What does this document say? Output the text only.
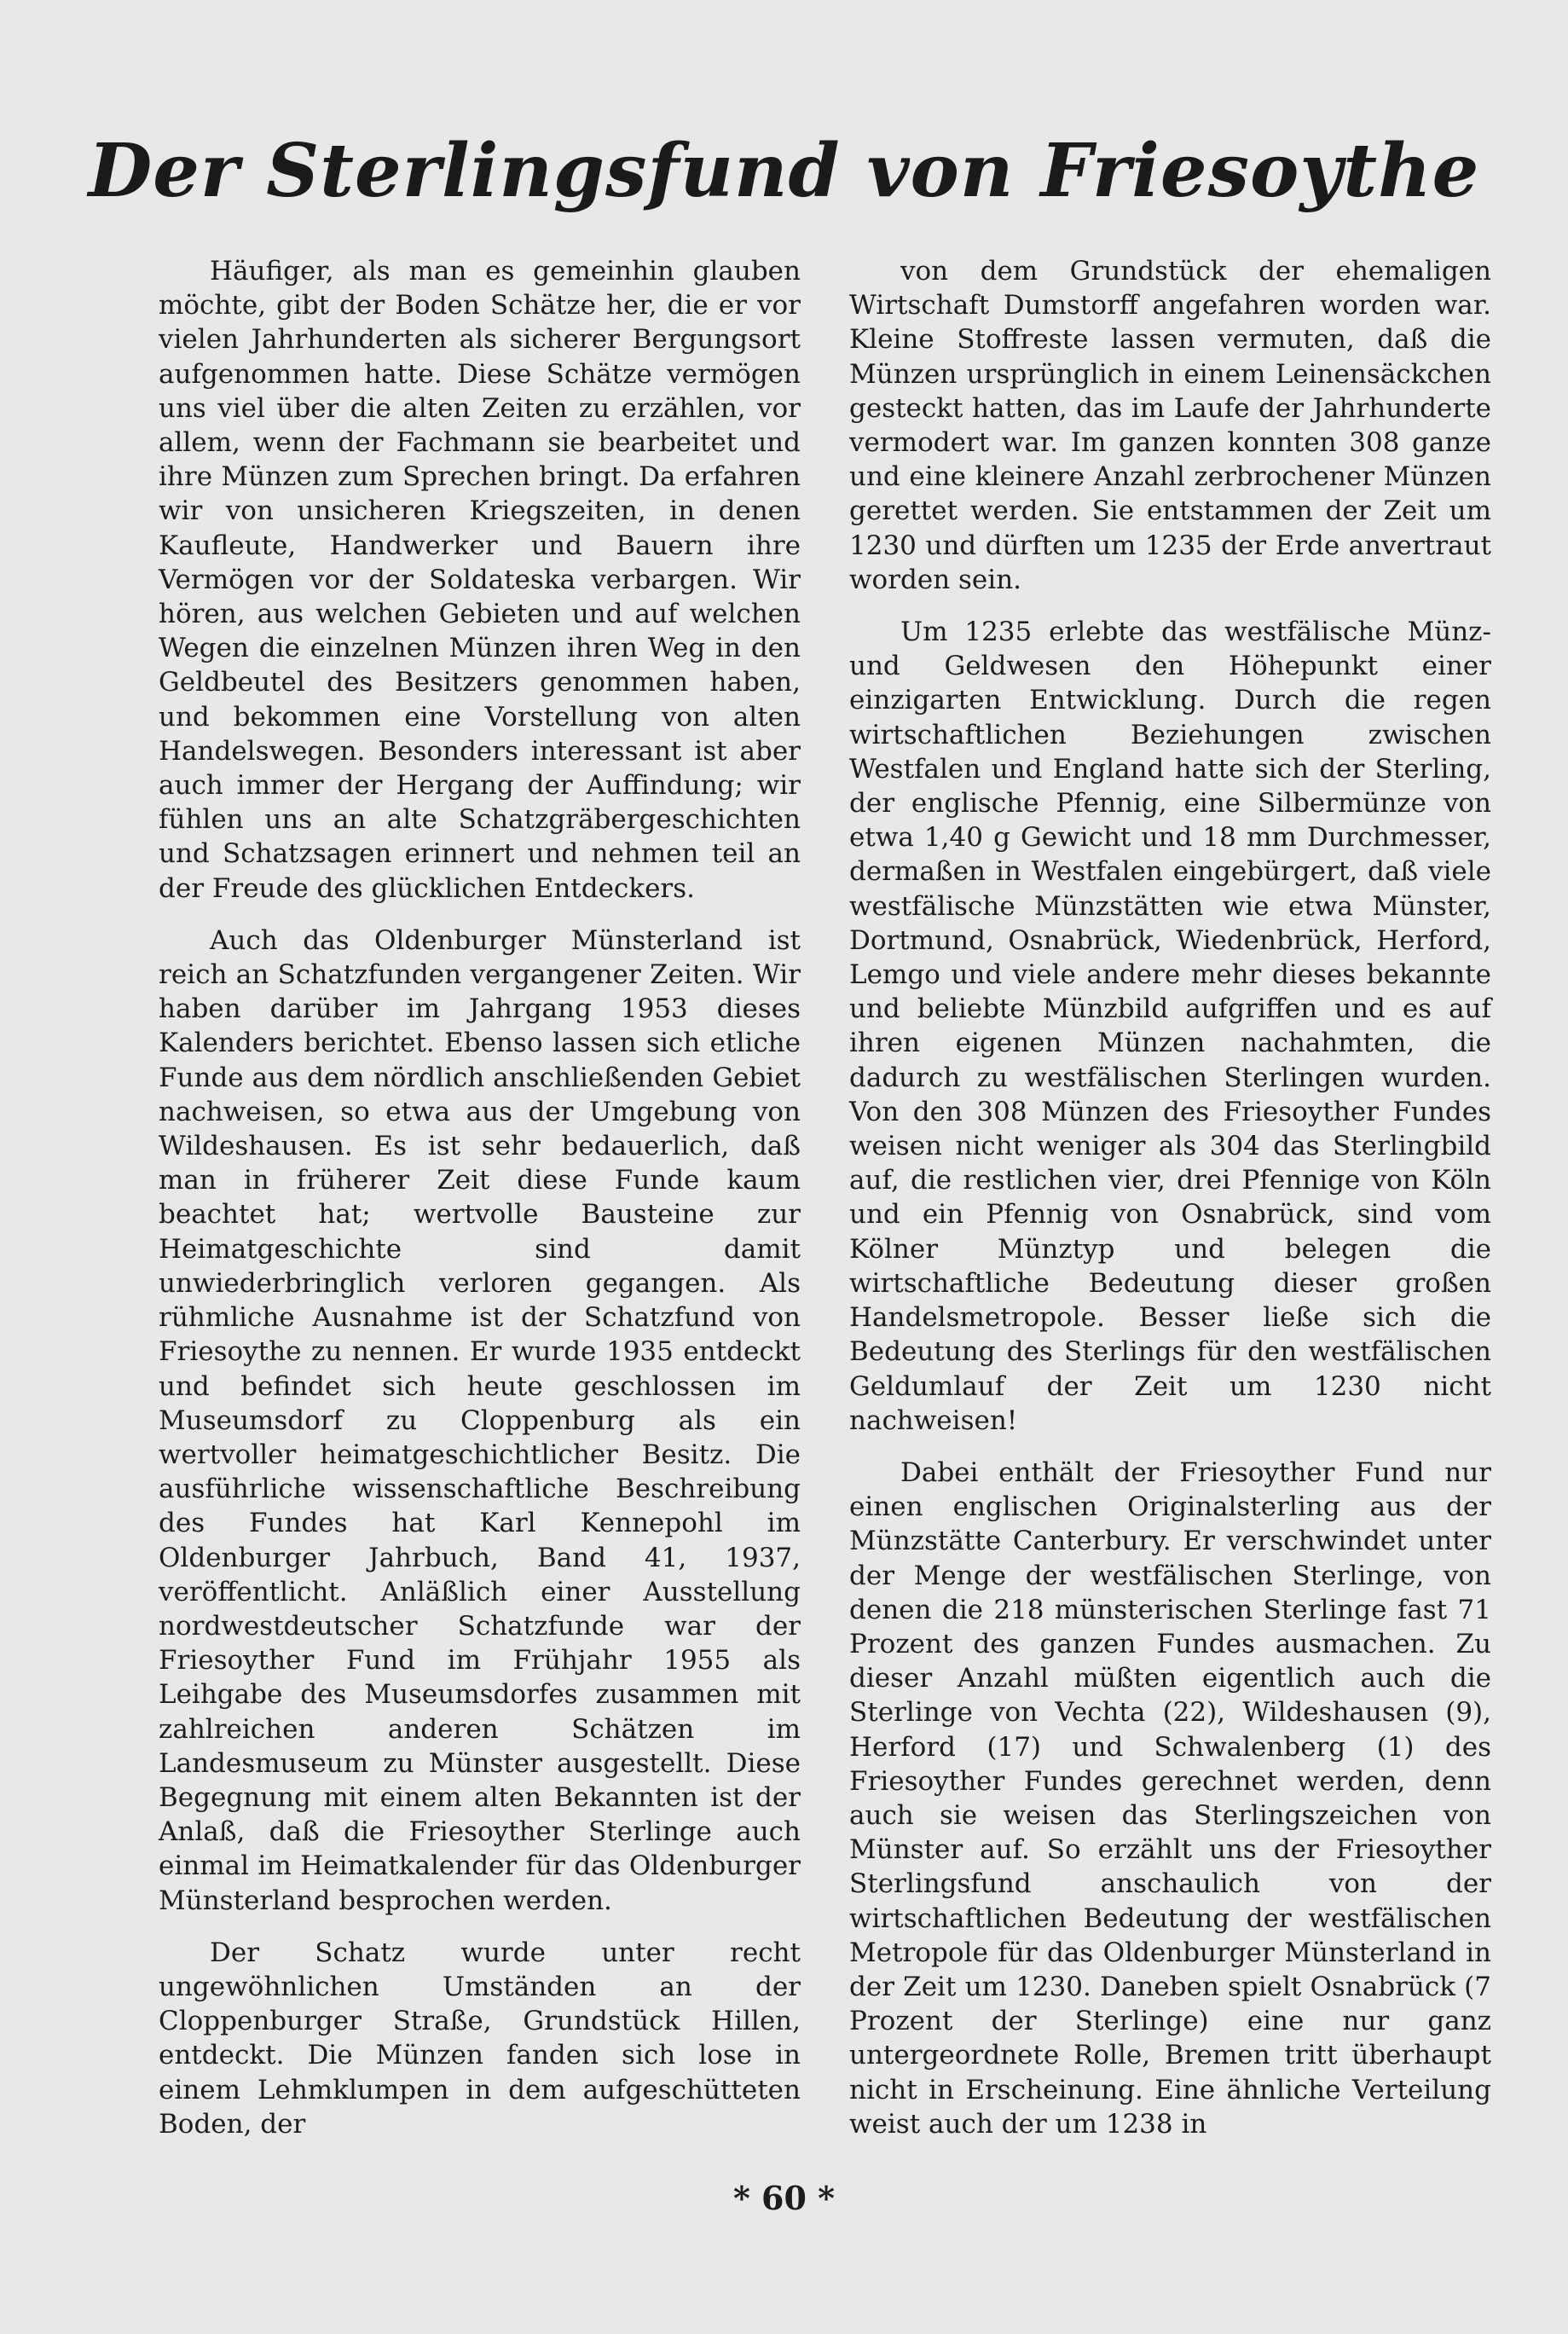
Der Sterlingsfund von Friesoythe

Häufiger, als man es gemeinhin glauben möchte, gibt der Boden Schätze her, die er vor vielen Jahrhunderten als sicherer Bergungsort aufgenommen hatte. Diese Schätze vermögen uns viel über die alten Zeiten zu erzählen, vor allem, wenn der Fachmann sie bearbeitet und ihre Münzen zum Sprechen bringt. Da erfahren wir von unsicheren Kriegszeiten, in denen Kaufleute, Handwerker und Bauern ihre Vermögen vor der Soldateska verbargen. Wir hören, aus welchen Gebieten und auf welchen Wegen die einzelnen Münzen ihren Weg in den Geldbeutel des Besitzers genommen haben, und bekommen eine Vorstellung von alten Handelswegen. Besonders interessant ist aber auch immer der Hergang der Auffindung; wir fühlen uns an alte Schatzgräbergeschichten und Schatzsagen erinnert und nehmen teil an der Freude des glücklichen Entdeckers.

Auch das Oldenburger Münsterland ist reich an Schatzfunden vergangener Zeiten. Wir haben darüber im Jahrgang 1953 dieses Kalenders berichtet. Ebenso lassen sich etliche Funde aus dem nördlich anschließenden Gebiet nachweisen, so etwa aus der Umgebung von Wildeshausen. Es ist sehr bedauerlich, daß man in früherer Zeit diese Funde kaum beachtet hat; wertvolle Bausteine zur Heimatgeschichte sind damit unwiederbringlich verloren gegangen. Als rühmliche Ausnahme ist der Schatzfund von Friesoythe zu nennen. Er wurde 1935 entdeckt und befindet sich heute geschlossen im Museumsdorf zu Cloppenburg als ein wertvoller heimatgeschichtlicher Besitz. Die ausführliche wissenschaftliche Beschreibung des Fundes hat Karl Kennepohl im Oldenburger Jahrbuch, Band 41, 1937, veröffentlicht. Anläßlich einer Ausstellung nordwestdeutscher Schatzfunde war der Friesoyther Fund im Frühjahr 1955 als Leihgabe des Museumsdorfes zusammen mit zahlreichen anderen Schätzen im Landesmuseum zu Münster ausgestellt. Diese Begegnung mit einem alten Bekannten ist der Anlaß, daß die Friesoyther Sterlinge auch einmal im Heimatkalender für das Oldenburger Münsterland besprochen werden.

Der Schatz wurde unter recht ungewöhnlichen Umständen an der Cloppenburger Straße, Grundstück Hillen, entdeckt. Die Münzen fanden sich lose in einem Lehmklumpen in dem aufgeschütteten Boden, der

von dem Grundstück der ehemaligen Wirtschaft Dumstorff angefahren worden war. Kleine Stoffreste lassen vermuten, daß die Münzen ursprünglich in einem Leinensäckchen gesteckt hatten, das im Laufe der Jahrhunderte vermodert war. Im ganzen konnten 308 ganze und eine kleinere Anzahl zerbrochener Münzen gerettet werden. Sie entstammen der Zeit um 1230 und dürften um 1235 der Erde anvertraut worden sein.

Um 1235 erlebte das westfälische Münz- und Geldwesen den Höhepunkt einer einzigarten Entwicklung. Durch die regen wirtschaftlichen Beziehungen zwischen Westfalen und England hatte sich der Sterling, der englische Pfennig, eine Silbermünze von etwa 1,40 g Gewicht und 18 mm Durchmesser, dermaßen in Westfalen eingebürgert, daß viele westfälische Münzstätten wie etwa Münster, Dortmund, Osnabrück, Wiedenbrück, Herford, Lemgo und viele andere mehr dieses bekannte und beliebte Münzbild aufgriffen und es auf ihren eigenen Münzen nachahmten, die dadurch zu westfälischen Sterlingen wurden. Von den 308 Münzen des Friesoyther Fundes weisen nicht weniger als 304 das Sterlingbild auf, die restlichen vier, drei Pfennige von Köln und ein Pfennig von Osnabrück, sind vom Kölner Münztyp und belegen die wirtschaftliche Bedeutung dieser großen Handelsmetropole. Besser ließe sich die Bedeutung des Sterlings für den westfälischen Geldumlauf der Zeit um 1230 nicht nachweisen!

Dabei enthält der Friesoyther Fund nur einen englischen Originalsterling aus der Münzstätte Canterbury. Er verschwindet unter der Menge der westfälischen Sterlinge, von denen die 218 münsterischen Sterlinge fast 71 Prozent des ganzen Fundes ausmachen. Zu dieser Anzahl müßten eigentlich auch die Sterlinge von Vechta (22), Wildeshausen (9), Herford (17) und Schwalenberg (1) des Friesoyther Fundes gerechnet werden, denn auch sie weisen das Sterlingszeichen von Münster auf. So erzählt uns der Friesoyther Sterlingsfund anschaulich von der wirtschaftlichen Bedeutung der westfälischen Metropole für das Oldenburger Münsterland in der Zeit um 1230. Daneben spielt Osnabrück (7 Prozent der Sterlinge) eine nur ganz untergeordnete Rolle, Bremen tritt überhaupt nicht in Erscheinung. Eine ähnliche Verteilung weist auch der um 1238 in

* 60 *
